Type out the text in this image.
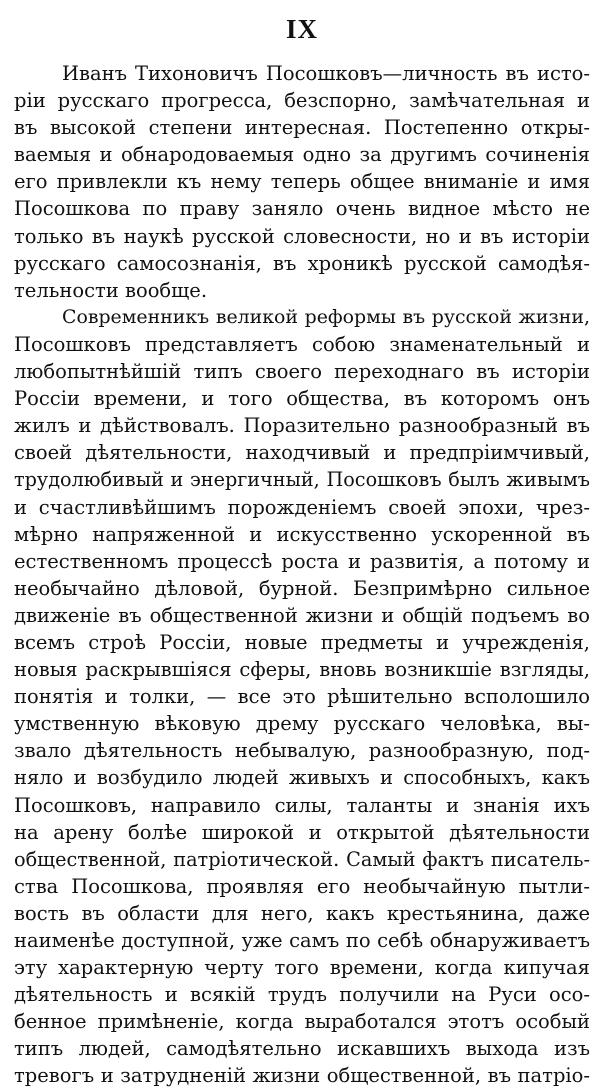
IX
Иванъ Тихоновичъ Посошковъ—личность въ исто-
ріи русскаго прогресса, безспорно, замѣчательная и
въ высокой степени интересная. Постепенно откры-
ваемыя и обнародоваемыя одно за другимъ сочиненія
его привлекли къ нему теперь общее вниманіе и имя
Посошкова по праву заняло очень видное мѣсто не
только въ наукѣ русской словесности, но и въ исторіи
русскаго самосознанія, въ хроникѣ русской самодѣя-
тельности вообще.
Современникъ великой реформы въ русской жизни,
Посошковъ представляетъ собою знаменательный и
любопытнѣйшій типъ своего переходнаго въ исторіи
Россіи времени, и того общества, въ которомъ онъ
жилъ и дѣйствовалъ. Поразительно разнообразный въ
своей дѣятельности, находчивый и предпріимчивый,
трудолюбивый и энергичный, Посошковъ былъ живымъ
и счастливѣйшимъ порожденіемъ своей эпохи, чрез-
мѣрно напряженной и искусственно ускоренной въ
естественномъ процессѣ роста и развитія, а потому и
необычайно дѣловой, бурной. Безпримѣрно сильное
движеніе въ общественной жизни и общій подъемъ во
всемъ строѣ Россіи, новые предметы и учрежденія,
новыя раскрывшіяся сферы, вновь возникшіе взгляды,
понятія и толки, — все это рѣшительно всполошило
умственную вѣковую дрему русскаго человѣка, вы-
звало дѣятельность небывалую, разнообразную, под-
няло и возбудило людей живыхъ и способныхъ, какъ
Посошковъ, направило силы, таланты и знанія ихъ
на арену болѣе широкой и открытой дѣятельности
общественной, патріотической. Самый фактъ писатель-
ства Посошкова, проявляя его необычайную пытли-
вость въ области для него, какъ крестьянина, даже
наименѣе доступной, уже самъ по себѣ обнаруживаетъ
эту характерную черту того времени, когда кипучая
дѣятельность и всякій трудъ получили на Руси осо-
бенное примѣненіе, когда выработался этотъ особый
типъ людей, самодѣятельно искавшихъ выхода изъ
тревогъ и затрудненій жизни общественной, въ патріо-
